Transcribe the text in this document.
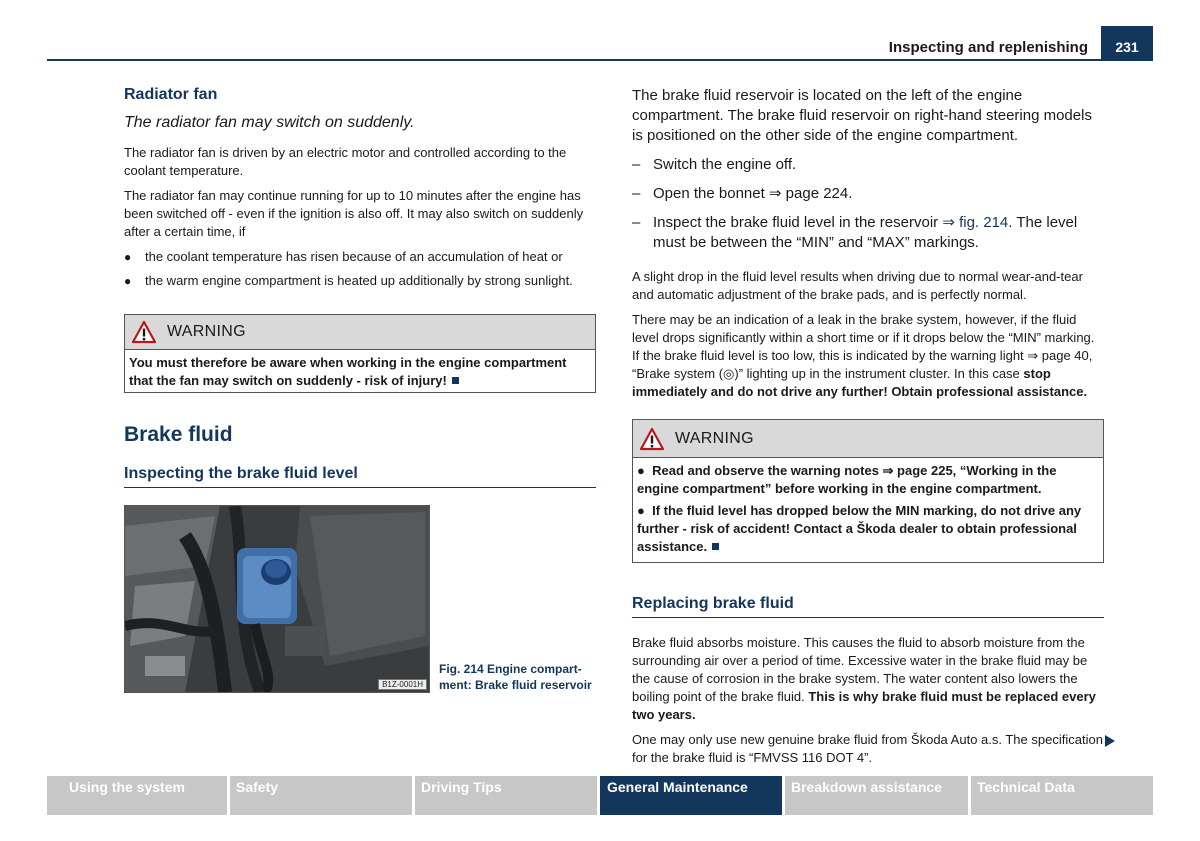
Inspecting and replenishing	231
Radiator fan

The radiator fan may switch on suddenly.

The radiator fan is driven by an electric motor and controlled according to the coolant temperature.

The radiator fan may continue running for up to 10 minutes after the engine has been switched off - even if the ignition is also off. It may also switch on suddenly after a certain time, if

●	the coolant temperature has risen because of an accumulation of heat or
●	the warm engine compartment is heated up additionally by strong sunlight.
WARNING
You must therefore be aware when working in the engine compartment that the fan may switch on suddenly - risk of injury!
Brake fluid
Inspecting the brake fluid level
B1Z-0001H
Fig. 214 Engine compart-
ment: Brake fluid reservoir

The brake fluid reservoir is located on the left of the engine compartment. The brake fluid reservoir on right-hand steering models is positioned on the other side of the engine compartment.

– Switch the engine off.
– Open the bonnet ⇒ page 224.
– Inspect the brake fluid level in the reservoir ⇒ fig. 214. The level must be between the “MIN” and “MAX” markings.

A slight drop in the fluid level results when driving due to normal wear-and-tear and automatic adjustment of the brake pads, and is perfectly normal.

There may be an indication of a leak in the brake system, however, if the fluid level drops significantly within a short time or if it drops below the “MIN” marking. If the brake fluid level is too low, this is indicated by the warning light ⇒ page 40, “Brake system (◎)” lighting up in the instrument cluster. In this case stop immediately and do not drive any further! Obtain professional assistance.

WARNING
● Read and observe the warning notes ⇒ page 225, “Working in the engine compartment” before working in the engine compartment.
● If the fluid level has dropped below the MIN marking, do not drive any further - risk of accident! Contact a Škoda dealer to obtain professional assistance.
Replacing brake fluid

Brake fluid absorbs moisture. This causes the fluid to absorb moisture from the surrounding air over a period of time. Excessive water in the brake fluid may be the cause of corrosion in the brake system. The water content also lowers the boiling point of the brake fluid. This is why brake fluid must be replaced every two years.

One may only use new genuine brake fluid from Škoda Auto a.s. The specification for the brake fluid is “FMVSS 116 DOT 4”.

Using the system	Safety	Driving Tips	General Maintenance	Breakdown assistance	Technical Data
